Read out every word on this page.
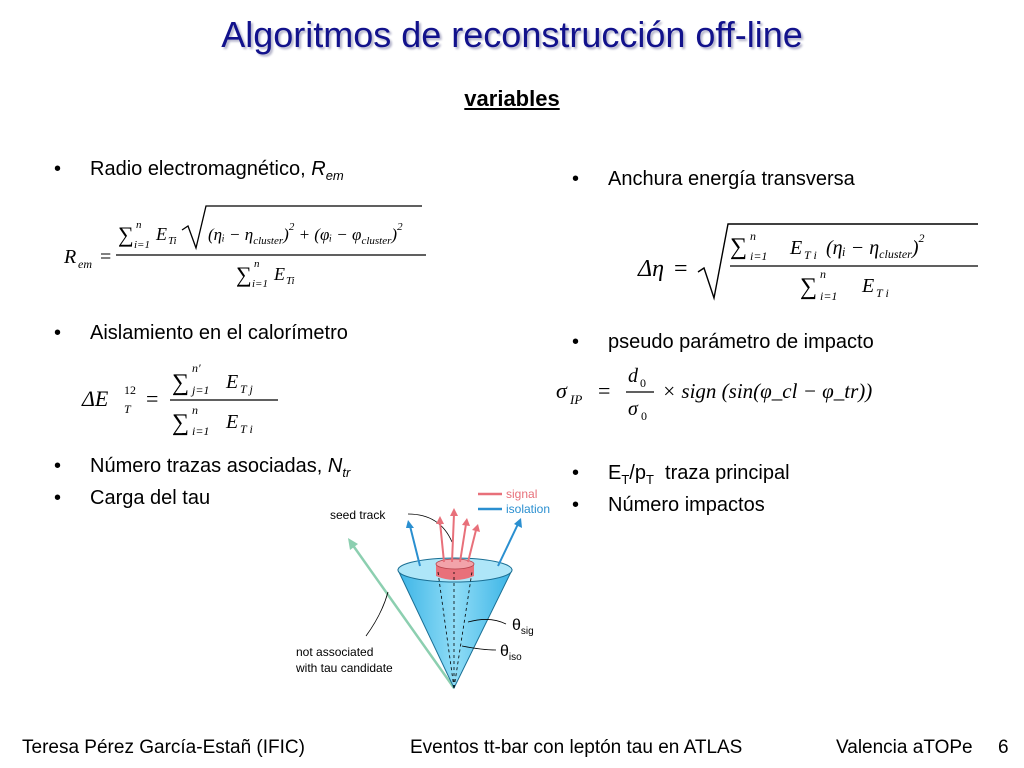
Algoritmos de reconstrucción off-line
variables
• Radio electromagnético, $R_{em}$
R em =
∑ n
i=1
E Ti (ηᵢ − $\eta_{cluster})^2$ + (φᵢ − $\varphi_{cluster})^2$
∑ n
i=1 E Ti
• Aislamiento en el calorímetro
ΔE 12
T =
∑
n′
j=1 E T j
∑ n
i=1 E T i
• Número trazas asociadas, $N_{tr}$
• Carga del tau
• Anchura energía transversa
Δη =
∑ n
i=1 E T i (ηᵢ − $\eta_{cluster})^2$
∑ n
i=1 E T i
• pseudo parámetro de impacto
σ IP =
d 0
σ 0
× sign (sin(φ_cl − φ_tr))
• $E_T/p_T$  traza principal
• Número impactos
signal
isolation
seed track
$\theta_{sig}$
$\theta_{iso}$
not associated
with tau candidate
Teresa Pérez García-Estañ (IFIC)	Eventos tt-bar con leptón tau en ATLAS	Valencia aTOPe 6
